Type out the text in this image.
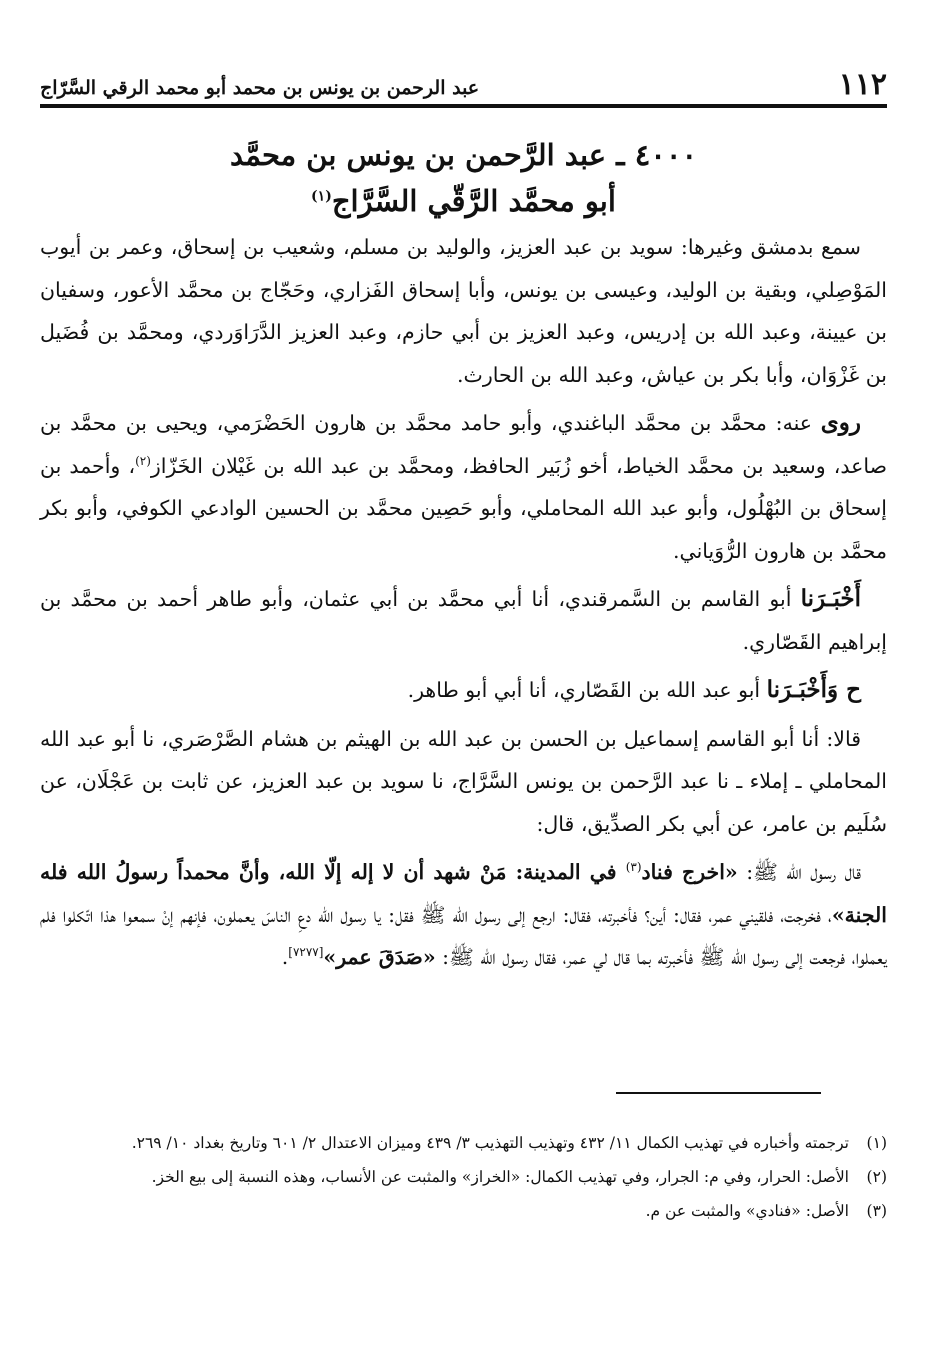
١١٢
عبد الرحمن بن يونس بن محمد أبو محمد الرقي السَّرّاج
٤٠٠٠ ـ عبد الرَّحمن بن يونس بن محمَّد
أبو محمَّد الرَّقّي السَّرَّاج$^{(١)}$

سمع بدمشق وغيرها: سويد بن عبد العزيز، والوليد بن مسلم، وشعيب بن إسحاق، وعمر بن أيوب المَوْصِلي، وبقية بن الوليد، وعيسى بن يونس، وأبا إسحاق الفَزاري، وحَجّاج بن محمَّد الأعور، وسفيان بن عيينة، وعبد الله بن إدريس، وعبد العزيز بن أبي حازم، وعبد العزيز الدَّرَاوَردي، ومحمَّد بن فُضَيل بن غَزْوَان، وأبا بكر بن عياش، وعبد الله بن الحارث.

روى عنه: محمَّد بن محمَّد الباغندي، وأبو حامد محمَّد بن هارون الحَضْرَمي، ويحيى بن محمَّد بن صاعد، وسعيد بن محمَّد الخياط، أخو زُبَير الحافظ، ومحمَّد بن عبد الله بن غَيْلان الخَزّاز$^{(٢)}$، وأحمد بن إسحاق بن البُهْلُول، وأبو عبد الله المحاملي، وأبو حَصِين محمَّد بن الحسين الوادعي الكوفي، وأبو بكر محمَّد بن هارون الرُّوَياني.

أَخْبَـرَنا أبو القاسم بن السَّمرقندي، أنا أبي محمَّد بن أبي عثمان، وأبو طاهر أحمد بن محمَّد بن إبراهيم القَصّاري.

ح وَأَخْبَـرَنا أبو عبد الله بن القَصّاري، أنا أبي أبو طاهر.

قالا: أنا أبو القاسم إسماعيل بن الحسن بن عبد الله بن الهيثم بن هشام الصَّرْصَري، نا أبو عبد الله المحاملي ـ إملاء ـ نا عبد الرَّحمن بن يونس السَّرَّاج، نا سويد بن عبد العزيز، عن ثابت بن عَجْلَان، عن سُلَيم بن عامر، عن أبي بكر الصدِّيق، قال:

قال رسول الله ﷺ: «اخرج فناد$^{(٣)}$ في المدينة: مَنْ شهد أن لا إله إلّا الله، وأنَّ محمداً رسولُ الله فله الجنة»، فخرجت، فلقيني عمر، فقال: أين؟ فأخبرته، فقال: ارجع إلى رسول الله ﷺ فقل: يا رسول الله دعِ الناسَ يعملون، فإنهم إنْ سمعوا هذا اتّكلوا فلم يعملوا، فرجعت إلى رسول الله ﷺ فأخبرته بما قال لي عمر، فقال رسول الله ﷺ: «صَدَقَ عمر»[٧٢٧٧].

(١)
ترجمته وأخباره في تهذيب الكمال ١١/ ٤٣٢ وتهذيب التهذيب ٣/ ٤٣٩ وميزان الاعتدال ٢/ ٦٠١ وتاريخ بغداد ١٠/ ٢٦٩.
(٢)
الأصل: الحرار، وفي م: الجرار، وفي تهذيب الكمال: «الخراز» والمثبت عن الأنساب، وهذه النسبة إلى بيع الخز.
(٣)
الأصل: «فنادي» والمثبت عن م.
